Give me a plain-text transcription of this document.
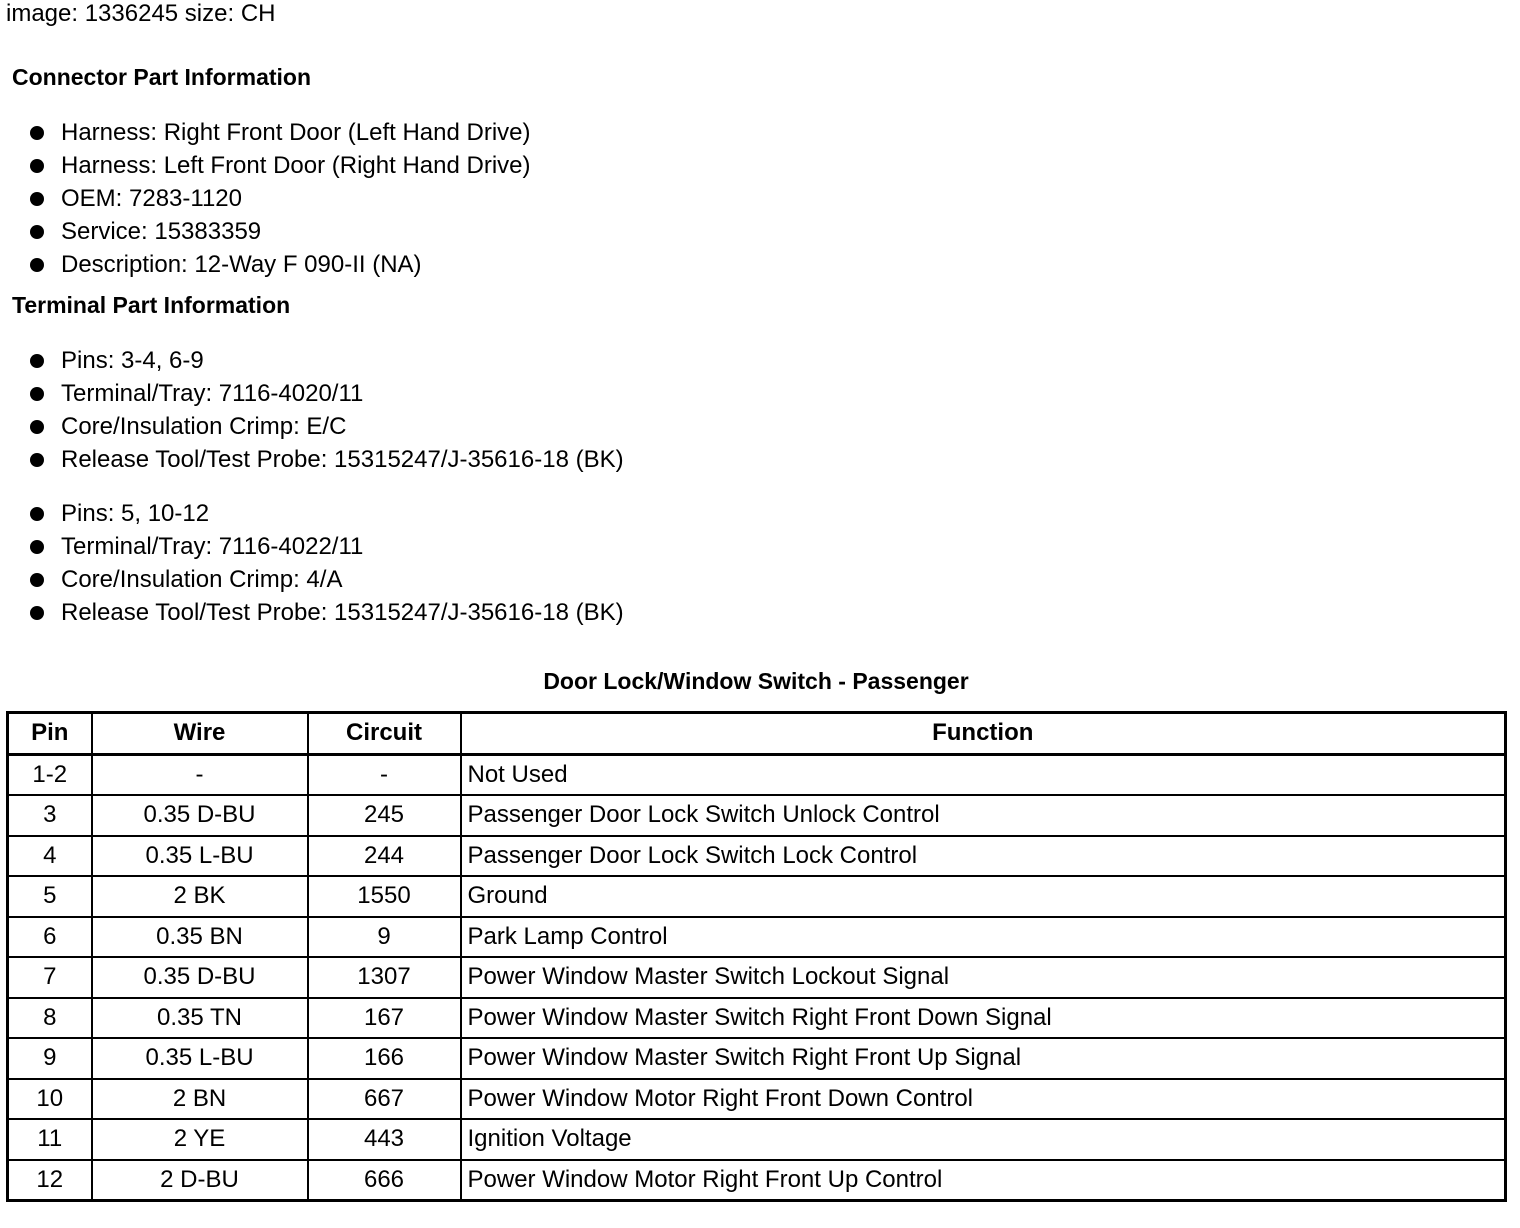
image: 1336245 size: CH
Connector Part Information
Harness: Right Front Door (Left Hand Drive)
Harness: Left Front Door (Right Hand Drive)
OEM: 7283-1120
Service: 15383359
Description: 12-Way F 090-II (NA)
Terminal Part Information
Pins: 3-4, 6-9
Terminal/Tray: 7116-4020/11
Core/Insulation Crimp: E/C
Release Tool/Test Probe: 15315247/J-35616-18 (BK)
Pins: 5, 10-12
Terminal/Tray: 7116-4022/11
Core/Insulation Crimp: 4/A
Release Tool/Test Probe: 15315247/J-35616-18 (BK)
Door Lock/Window Switch - Passenger
Pin	Wire	Circuit	Function
1-2	-	-	Not Used
3	0.35 D-BU	245	Passenger Door Lock Switch Unlock Control
4	0.35 L-BU	244	Passenger Door Lock Switch Lock Control
5	2 BK	1550	Ground
6	0.35 BN	9	Park Lamp Control
7	0.35 D-BU	1307	Power Window Master Switch Lockout Signal
8	0.35 TN	167	Power Window Master Switch Right Front Down Signal
9	0.35 L-BU	166	Power Window Master Switch Right Front Up Signal
10	2 BN	667	Power Window Motor Right Front Down Control
11	2 YE	443	Ignition Voltage
12	2 D-BU	666	Power Window Motor Right Front Up Control
